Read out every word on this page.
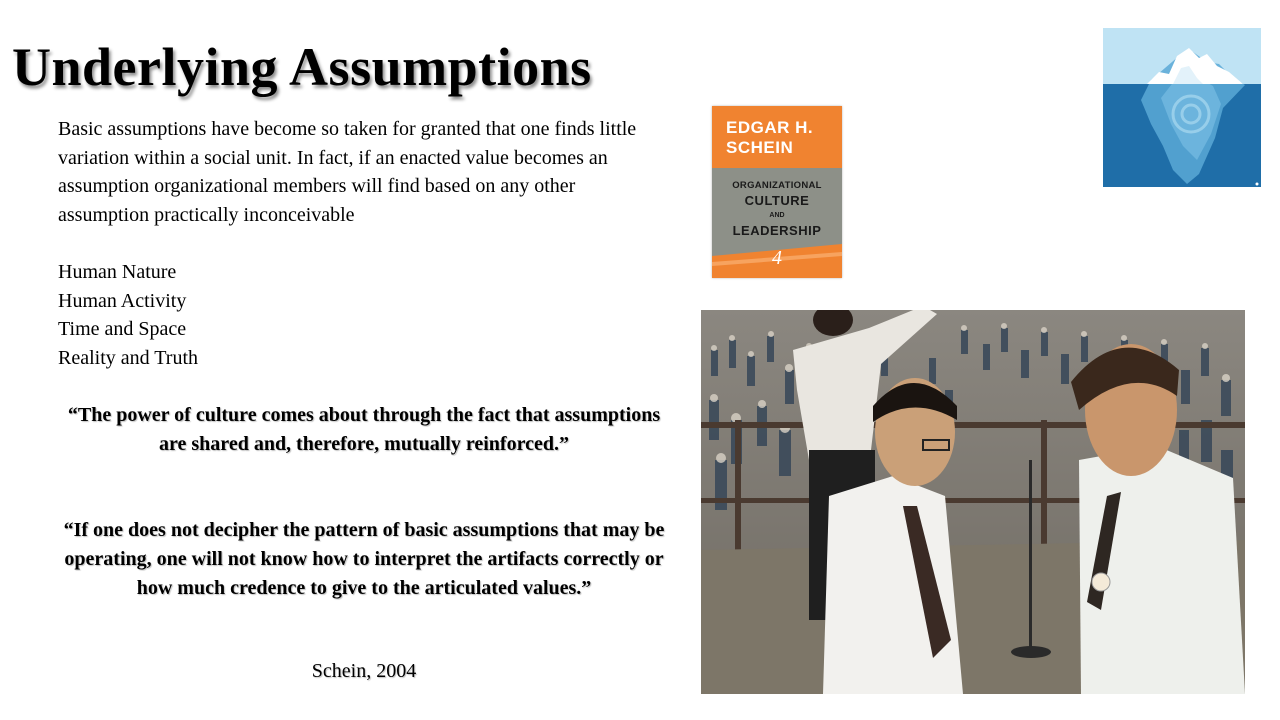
Underlying Assumptions

Basic assumptions have become so taken for granted that one finds little variation within a social unit. In fact, if an enacted value becomes an assumption organizational members will find based on any other assumption practically inconceivable

Human Nature
Human Activity
Time and Space
Reality and Truth

“The power of culture comes about through the fact that assumptions are shared and, therefore, mutually reinforced.”

“If one does not decipher the pattern of basic assumptions that may be operating, one will not know how to interpret the artifacts correctly or how much credence to give to the articulated values.”

Schein, 2004

EDGAR H.
SCHEIN
ORGANIZATIONAL
CULTURE
AND
LEADERSHIP
4
